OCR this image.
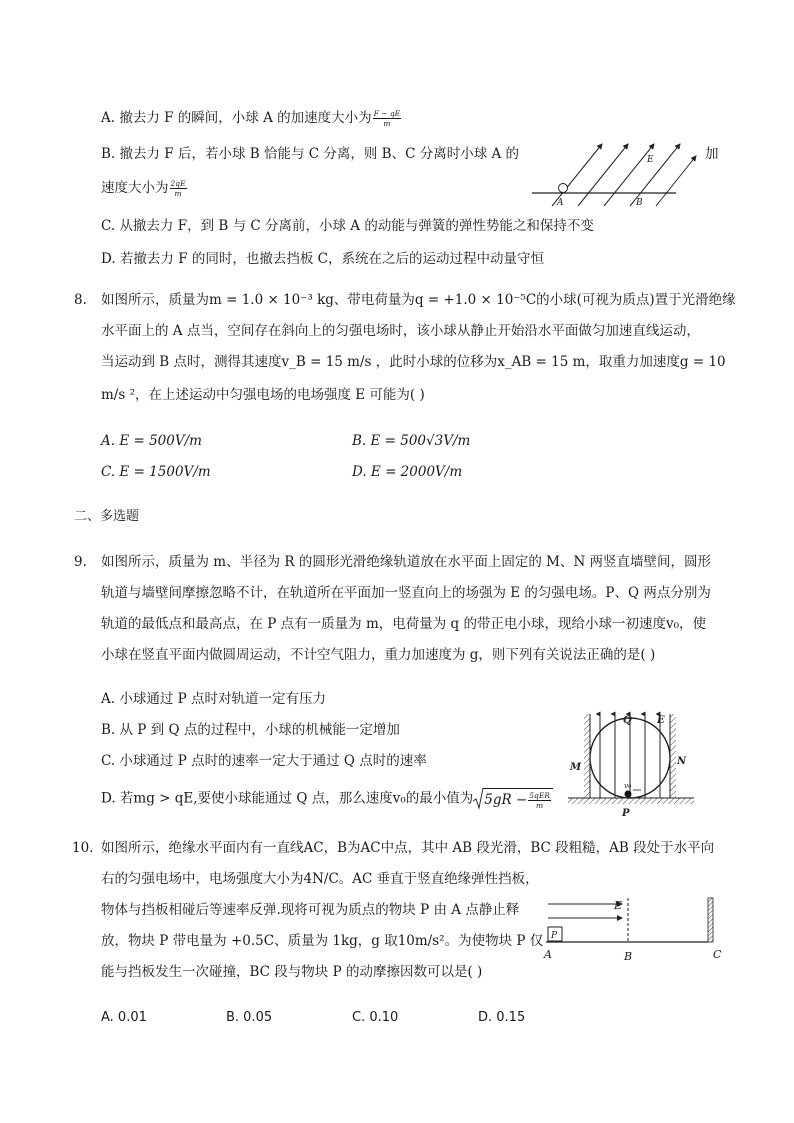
A. 撤去力 F 的瞬间，小球 A 的加速度大小为 $\frac{F - qE}{m}$
B. 撤去力 F 后，若小球 B 恰能与 C 分离，则 B、C 分离时小球 A 的	加
速度大小为 $\frac{2qE}{m}$
C. 从撤去力 F，到 B 与 C 分离前，小球 A 的动能与弹簧的弹性势能之和保持不变
D. 若撤去力 F 的同时，也撤去挡板 C，系统在之后的运动过程中动量守恒
A	B
E
8. 如图所示，质量为m = 1.0 × 10⁻³ kg、带电荷量为q = +1.0 × 10⁻⁵C的小球(可视为质点)置于光滑绝缘
水平面上的 A 点当，空间存在斜向上的匀强电场时，该小球从静止开始沿水平面做匀加速直线运动，
当运动到 B 点时，测得其速度v_B = 15 m/s ，此时小球的位移为x_AB = 15 m，取重力加速度g = 10
m/s ²，在上述运动中匀强电场的电场强度 E 可能为( )
A. E = 500V/m	B. E = 500√3V/m
C. E = 1500V/m	D. E = 2000V/m
二、多选题
9. 如图所示，质量为 m、半径为 R 的圆形光滑绝缘轨道放在水平面上固定的 M、N 两竖直墙壁间，圆形
轨道与墙壁间摩擦忽略不计，在轨道所在平面加一竖直向上的场强为 E 的匀强电场。P、Q 两点分别为
轨道的最低点和最高点，在 P 点有一质量为 m，电荷量为 q 的带正电小球，现给小球一初速度v₀，使
小球在竖直平面内做圆周运动，不计空气阻力，重力加速度为 g，则下列有关说法正确的是( )
A. 小球通过 P 点时对轨道一定有压力
B. 从 P 到 Q 点的过程中，小球的机械能一定增加
C. 小球通过 P 点时的速率一定大于通过 Q 点时的速率
D. 若mg > qE,要使小球能通过 Q 点，那么速度v₀的最小值为 $5gR - \frac{\text{5qER}}{m}$
v₀
Q	E
M
N
P
10. 如图所示，绝缘水平面内有一直线AC，B为AC中点，其中 AB 段光滑，BC 段粗糙，AB 段处于水平向
右的匀强电场中，电场强度大小为4N/C。AC 垂直于竖直绝缘弹性挡板，
物体与挡板相碰后等速率反弹.现将可视为质点的物块 P 由 A 点静止释
放，物块 P 带电量为 +0.5C、质量为 1kg，g 取10m/s²。为使物块 P 仅
能与挡板发生一次碰撞，BC 段与物块 P 的动摩擦因数可以是( )
A. 0.01	B. 0.05	C. 0.10	D. 0.15
E
P
A	B	C
